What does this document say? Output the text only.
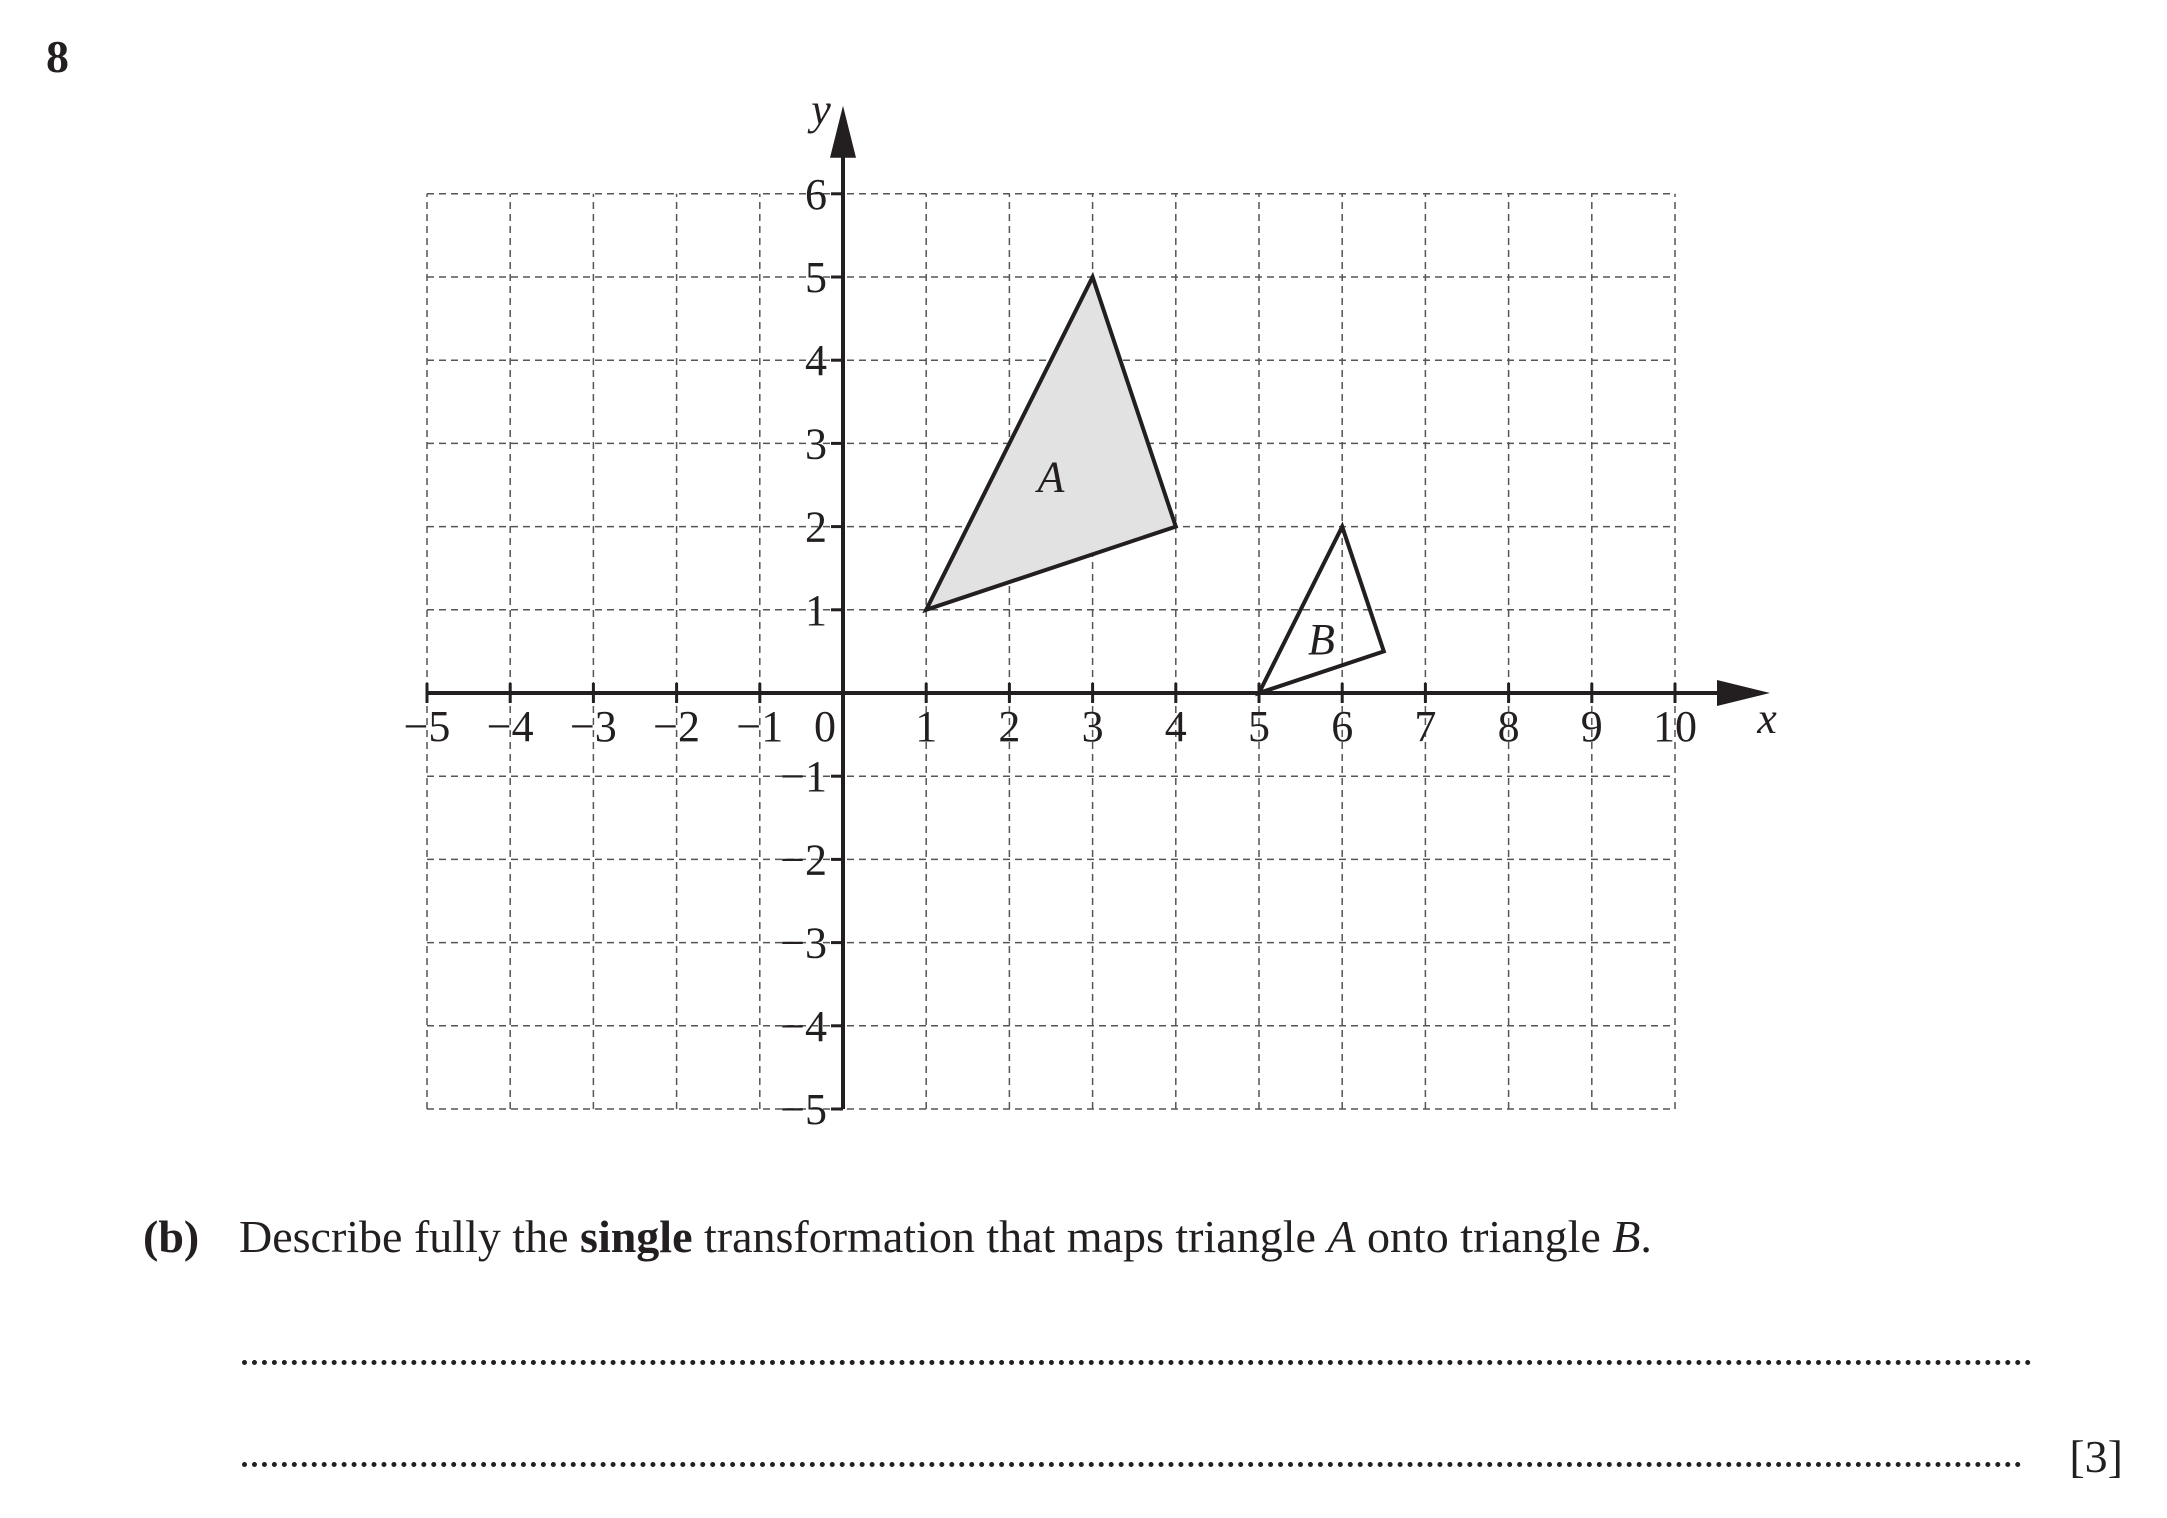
8
−5 −4 −3 −2 −1 0 1 2 3 4 5 6 7 8 9 10
6
5
4
3
2
1
−1
−2
−3
−4
−5
x
y
A
B
(b) Describe fully the single transformation that maps triangle A onto triangle B.
[3]
